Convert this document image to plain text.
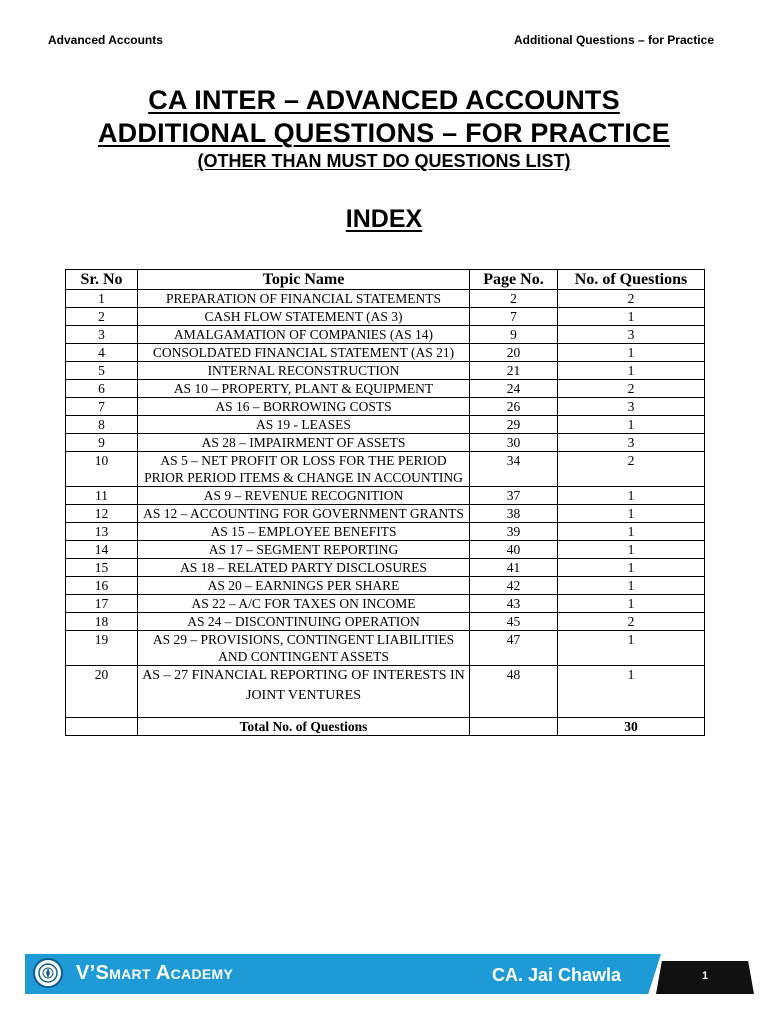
Advanced Accounts	Additional Questions – for Practice
CA INTER – ADVANCED ACCOUNTS
ADDITIONAL QUESTIONS – FOR PRACTICE
(OTHER THAN MUST DO QUESTIONS LIST)
INDEX
Sr. No	Topic Name	Page No.	No. of Questions
1	PREPARATION OF FINANCIAL STATEMENTS	2	2
2	CASH FLOW STATEMENT (AS 3)	7	1
3	AMALGAMATION OF COMPANIES (AS 14)	9	3
4	CONSOLDATED FINANCIAL STATEMENT (AS 21)	20	1
5	INTERNAL RECONSTRUCTION	21	1
6	AS 10 – PROPERTY, PLANT & EQUIPMENT	24	2
7	AS 16 – BORROWING COSTS	26	3
8	AS 19 - LEASES	29	1
9	AS 28 – IMPAIRMENT OF ASSETS	30	3
10	AS 5 – NET PROFIT OR LOSS FOR THE PERIOD PRIOR PERIOD ITEMS & CHANGE IN ACCOUNTING	34	2
11	AS 9 – REVENUE RECOGNITION	37	1
12	AS 12 – ACCOUNTING FOR GOVERNMENT GRANTS	38	1
13	AS 15 – EMPLOYEE BENEFITS	39	1
14	AS 17 – SEGMENT REPORTING	40	1
15	AS 18 – RELATED PARTY DISCLOSURES	41	1
16	AS 20 – EARNINGS PER SHARE	42	1
17	AS 22 – A/C FOR TAXES ON INCOME	43	1
18	AS 24 – DISCONTINUING OPERATION	45	2
19	AS 29 – PROVISIONS, CONTINGENT LIABILITIES AND CONTINGENT ASSETS	47	1
20	AS – 27 FINANCIAL REPORTING OF INTERESTS IN JOINT VENTURES	48	1
	Total No. of Questions		30
V’Smart Academy	CA. Jai Chawla	1
